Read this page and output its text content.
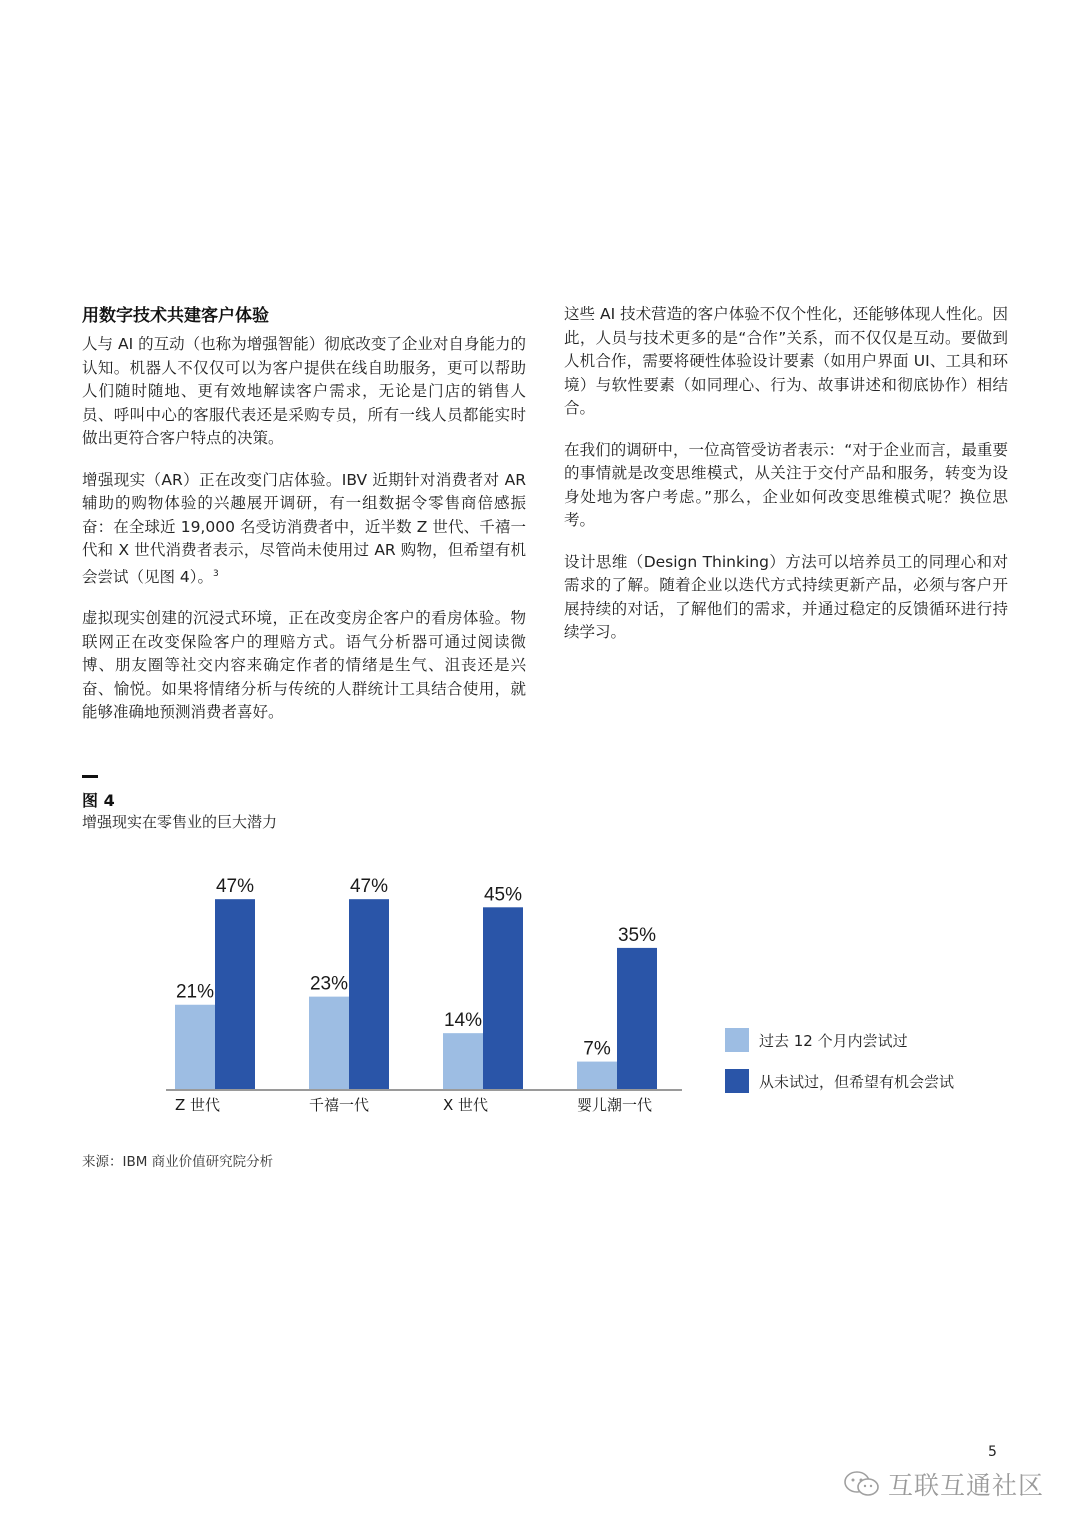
用数字技术共建客户体验

人与 AI 的互动（也称为增强智能）彻底改变了企业对自身能力的认知。机器人不仅仅可以为客户提供在线自助服务，更可以帮助人们随时随地、更有效地解读客户需求，无论是门店的销售人员、呼叫中心的客服代表还是采购专员，所有一线人员都能实时做出更符合客户特点的决策。

增强现实（AR）正在改变门店体验。IBV 近期针对消费者对 AR 辅助的购物体验的兴趣展开调研，有一组数据令零售商倍感振奋：在全球近 19,000 名受访消费者中，近半数 Z 世代、千禧一代和 X 世代消费者表示，尽管尚未使用过 AR 购物，但希望有机会尝试（见图 4）。$^3$

虚拟现实创建的沉浸式环境，正在改变房企客户的看房体验。物联网正在改变保险客户的理赔方式。语气分析器可通过阅读微博、朋友圈等社交内容来确定作者的情绪是生气、沮丧还是兴奋、愉悦。如果将情绪分析与传统的人群统计工具结合使用，就能够准确地预测消费者喜好。

这些 AI 技术营造的客户体验不仅个性化，还能够体现人性化。因此，人员与技术更多的是“合作”关系，而不仅仅是互动。要做到人机合作，需要将硬性体验设计要素（如用户界面 UI、工具和环境）与软性要素（如同理心、行为、故事讲述和彻底协作）相结合。

在我们的调研中，一位高管受访者表示：“对于企业而言，最重要的事情就是改变思维模式，从关注于交付产品和服务，转变为设身处地为客户考虑。”那么，企业如何改变思维模式呢？换位思考。

设计思维（Design Thinking）方法可以培养员工的同理心和对需求的了解。随着企业以迭代方式持续更新产品，必须与客户开展持续的对话，了解他们的需求，并通过稳定的反馈循环进行持续学习。

图 4
增强现实在零售业的巨大潜力
21%
47%
Z 世代
23%
47%
千禧一代
14%
45%
X 世代
7%
35%
婴儿潮一代
过去 12 个月内尝试过
从未试过，但希望有机会尝试
来源：IBM 商业价值研究院分析
5
互联互通社区
